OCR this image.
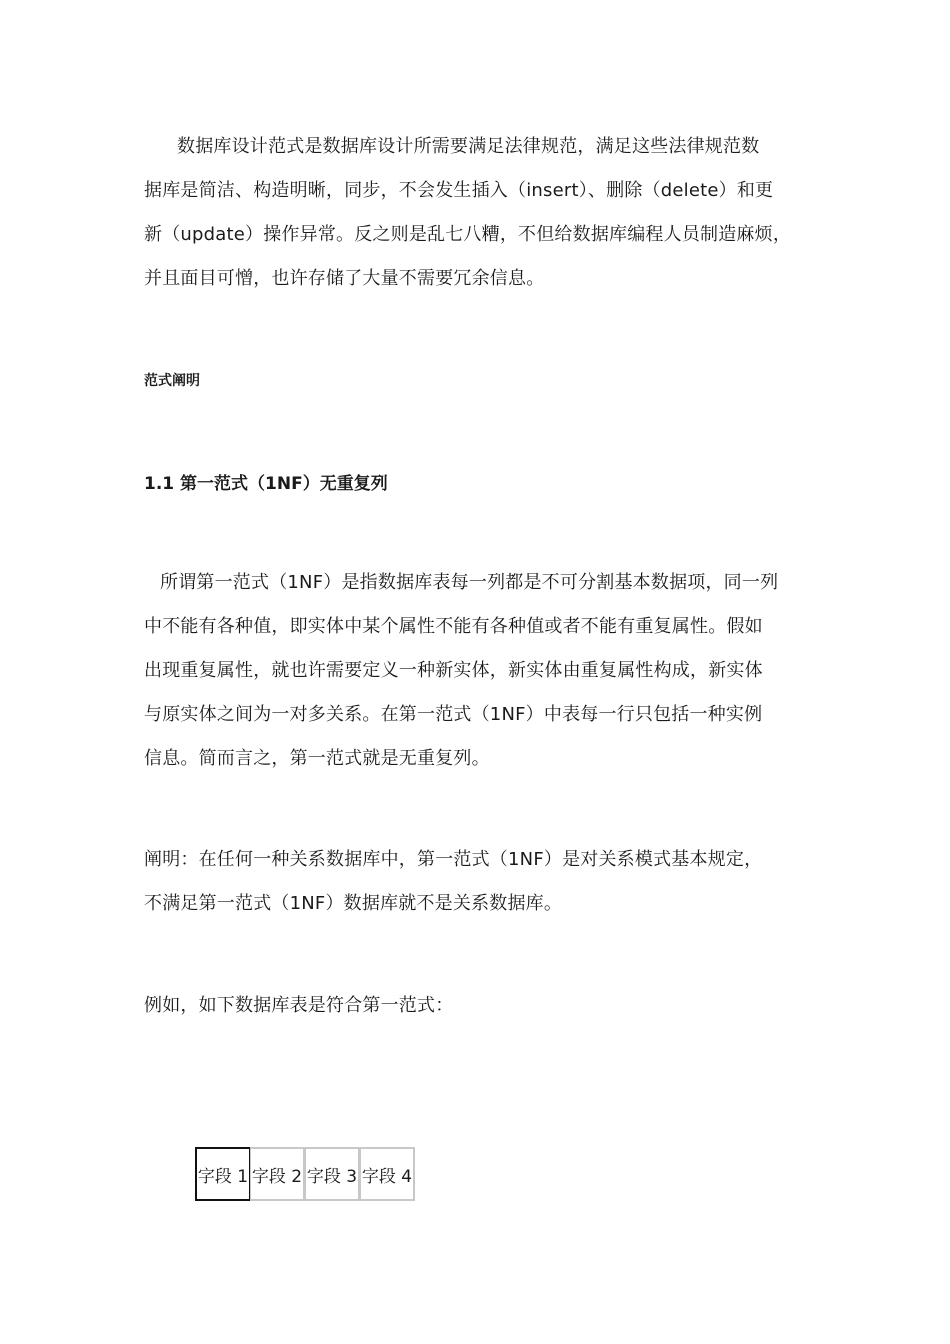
数据库设计范式是数据库设计所需要满足法律规范，满足这些法律规范数
据库是简洁、构造明晰，同步，不会发生插入（insert）、删除（delete）和更
新（update）操作异常。反之则是乱七八糟，不但给数据库编程人员制造麻烦，
并且面目可憎，也许存储了大量不需要冗余信息。

范式阐明

1.1 第一范式（1NF）无重复列

所谓第一范式（1NF）是指数据库表每一列都是不可分割基本数据项，同一列
中不能有各种值，即实体中某个属性不能有各种值或者不能有重复属性。假如
出现重复属性，就也许需要定义一种新实体，新实体由重复属性构成，新实体
与原实体之间为一对多关系。在第一范式（1NF）中表每一行只包括一种实例
信息。简而言之，第一范式就是无重复列。

阐明：在任何一种关系数据库中，第一范式（1NF）是对关系模式基本规定，
不满足第一范式（1NF）数据库就不是关系数据库。

例如，如下数据库表是符合第一范式：

字段 1	字段 2	字段 3	字段 4
